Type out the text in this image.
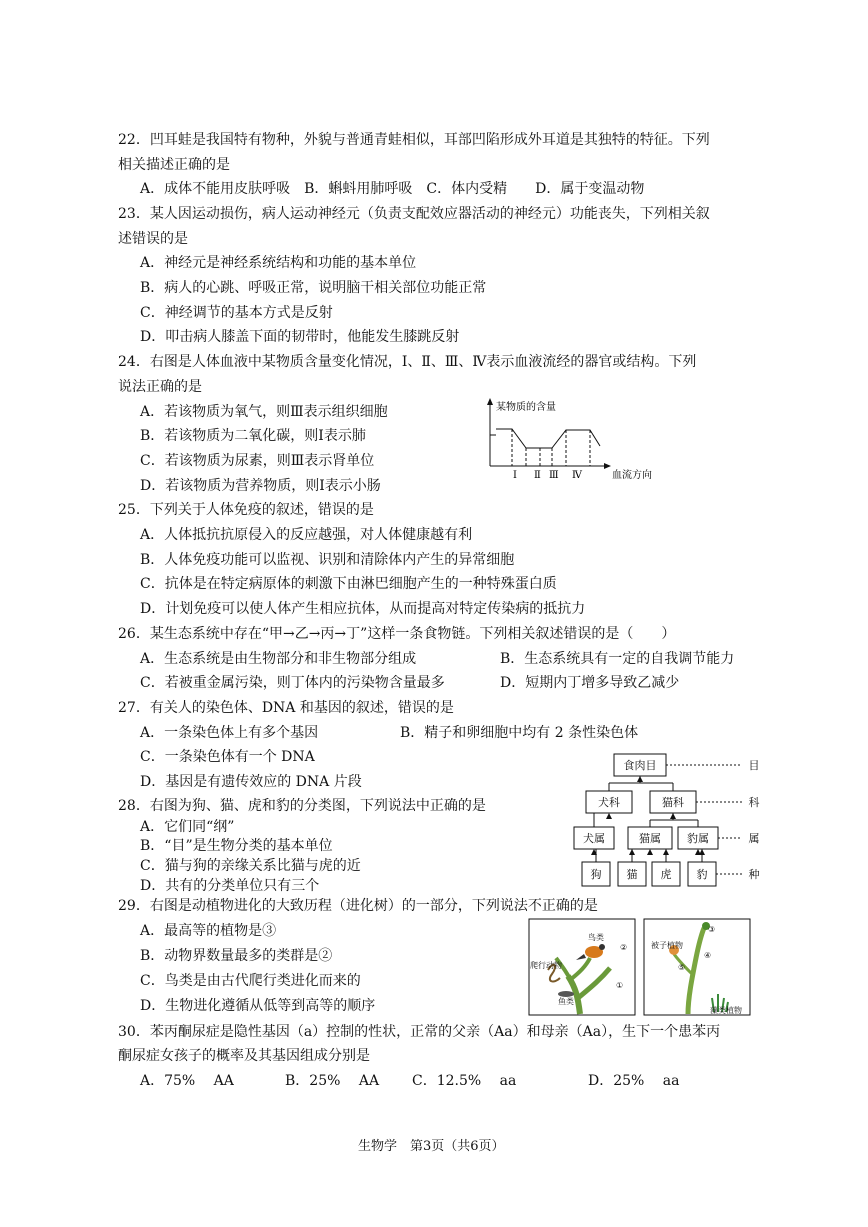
22．凹耳蛙是我国特有物种，外貌与普通青蛙相似，耳部凹陷形成外耳道是其独特的特征。下列
相关描述正确的是
A．成体不能用皮肤呼吸　B．蝌蚪用肺呼吸　C．体内受精　　D．属于变温动物
23．某人因运动损伤，病人运动神经元（负责支配效应器活动的神经元）功能丧失，下列相关叙
述错误的是
A．神经元是神经系统结构和功能的基本单位
B．病人的心跳、呼吸正常，说明脑干相关部位功能正常
C．神经调节的基本方式是反射
D．叩击病人膝盖下面的韧带时，他能发生膝跳反射
24．右图是人体血液中某物质含量变化情况，Ⅰ、Ⅱ、Ⅲ、Ⅳ表示血液流经的器官或结构。下列
说法正确的是
A．若该物质为氧气，则Ⅲ表示组织细胞
B．若该物质为二氧化碳，则Ⅰ表示肺
C．若该物质为尿素，则Ⅲ表示肾单位
D．若该物质为营养物质，则Ⅰ表示小肠
某物质的含量
Ⅰ Ⅱ Ⅲ Ⅳ	血流方向
25．下列关于人体免疫的叙述，错误的是
A．人体抵抗抗原侵入的反应越强，对人体健康越有利
B．人体免疫功能可以监视、识别和清除体内产生的异常细胞
C．抗体是在特定病原体的刺激下由淋巴细胞产生的一种特殊蛋白质
D．计划免疫可以使人体产生相应抗体，从而提高对特定传染病的抵抗力
26．某生态系统中存在“甲→乙→丙→丁”这样一条食物链。下列相关叙述错误的是（　　）
A．生态系统是由生物部分和非生物部分组成	B．生态系统具有一定的自我调节能力
C．若被重金属污染，则丁体内的污染物含量最多	D．短期内丁增多导致乙减少
27．有关人的染色体、DNA 和基因的叙述，错误的是
A．一条染色体上有多个基因	B．精子和卵细胞中均有 2 条性染色体
C．一条染色体有一个 DNA
D．基因是有遗传效应的 DNA 片段
28．右图为狗、猫、虎和豹的分类图，下列说法中正确的是
A．它们同“纲”
B．“目”是生物分类的基本单位
C．猫与狗的亲缘关系比猫与虎的近
D．共有的分类单位只有三个
食肉目
犬科	猫科
犬属	猫属 豹属
狗 猫 虎 豹
目
科
属
种
29．右图是动植物进化的大致历程（进化树）的一部分，下列说法不正确的是
A．最高等的植物是③
B．动物界数量最多的类群是②
C．鸟类是由古代爬行类进化而来的
D．生物进化遵循从低等到高等的顺序
鸟类
爬行动物
鱼类
②
①
被子植物
藻类植物
③
④
⑤
30．苯丙酮尿症是隐性基因（a）控制的性状，正常的父亲（Aa）和母亲（Aa），生下一个患苯丙
酮尿症女孩子的概率及其基因组成分别是
A．75%　 AA	B．25%　 AA C．12.5%　 aa	D．25%　 aa
生物学　第3页（共6页）
